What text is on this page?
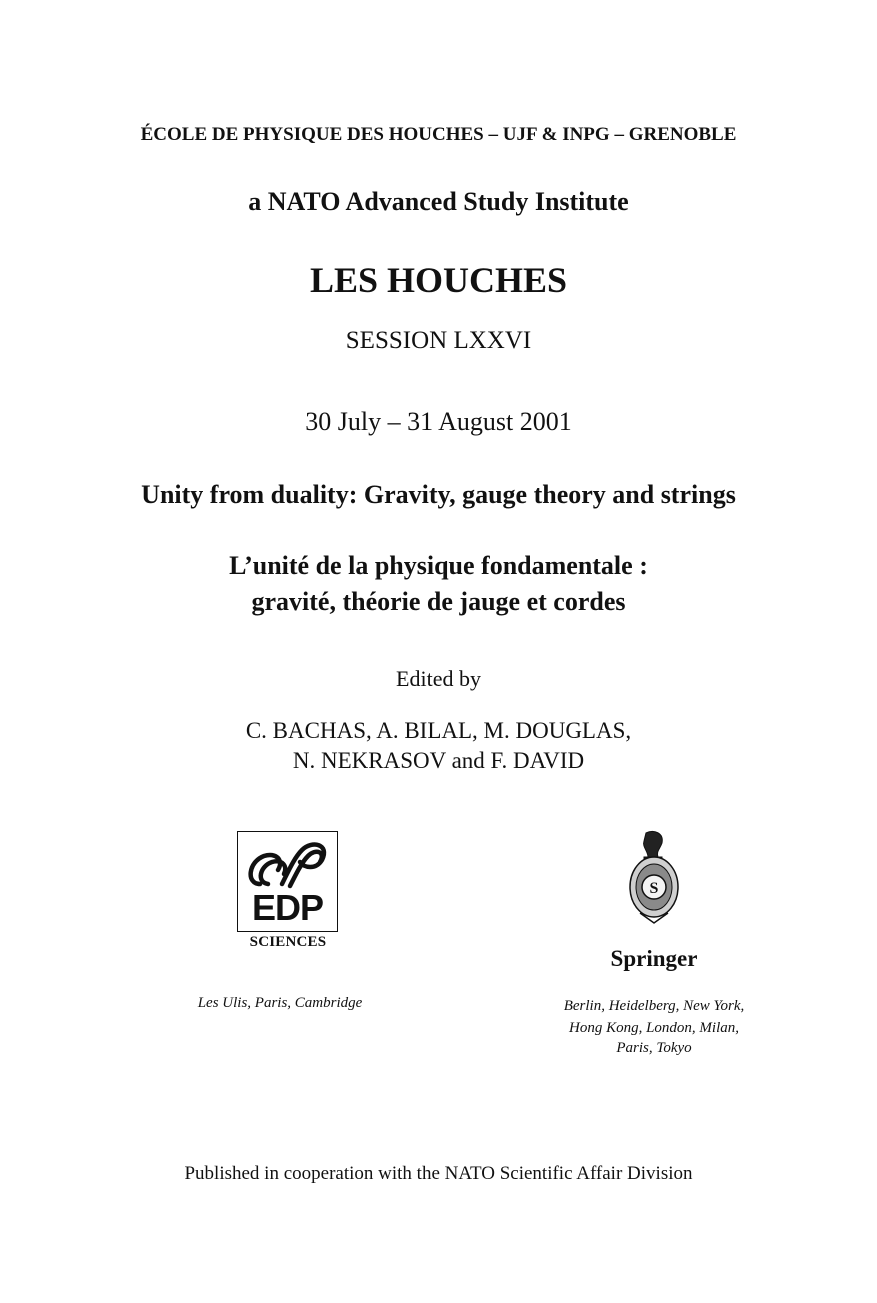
ÉCOLE DE PHYSIQUE DES HOUCHES – UJF & INPG – GRENOBLE
a NATO Advanced Study Institute
LES HOUCHES
SESSION LXXVI
30 July – 31 August 2001
Unity from duality: Gravity, gauge theory and strings
L’unité de la physique fondamentale :
gravité, théorie de jauge et cordes
Edited by
C. BACHAS, A. BILAL, M. DOUGLAS,
N. NEKRASOV and F. DAVID
EDP
SCIENCES
Les Ulis, Paris, Cambridge
S
Springer
Berlin, Heidelberg, New York,
Hong Kong, London, Milan,
Paris, Tokyo
Published in cooperation with the NATO Scientific Affair Division
